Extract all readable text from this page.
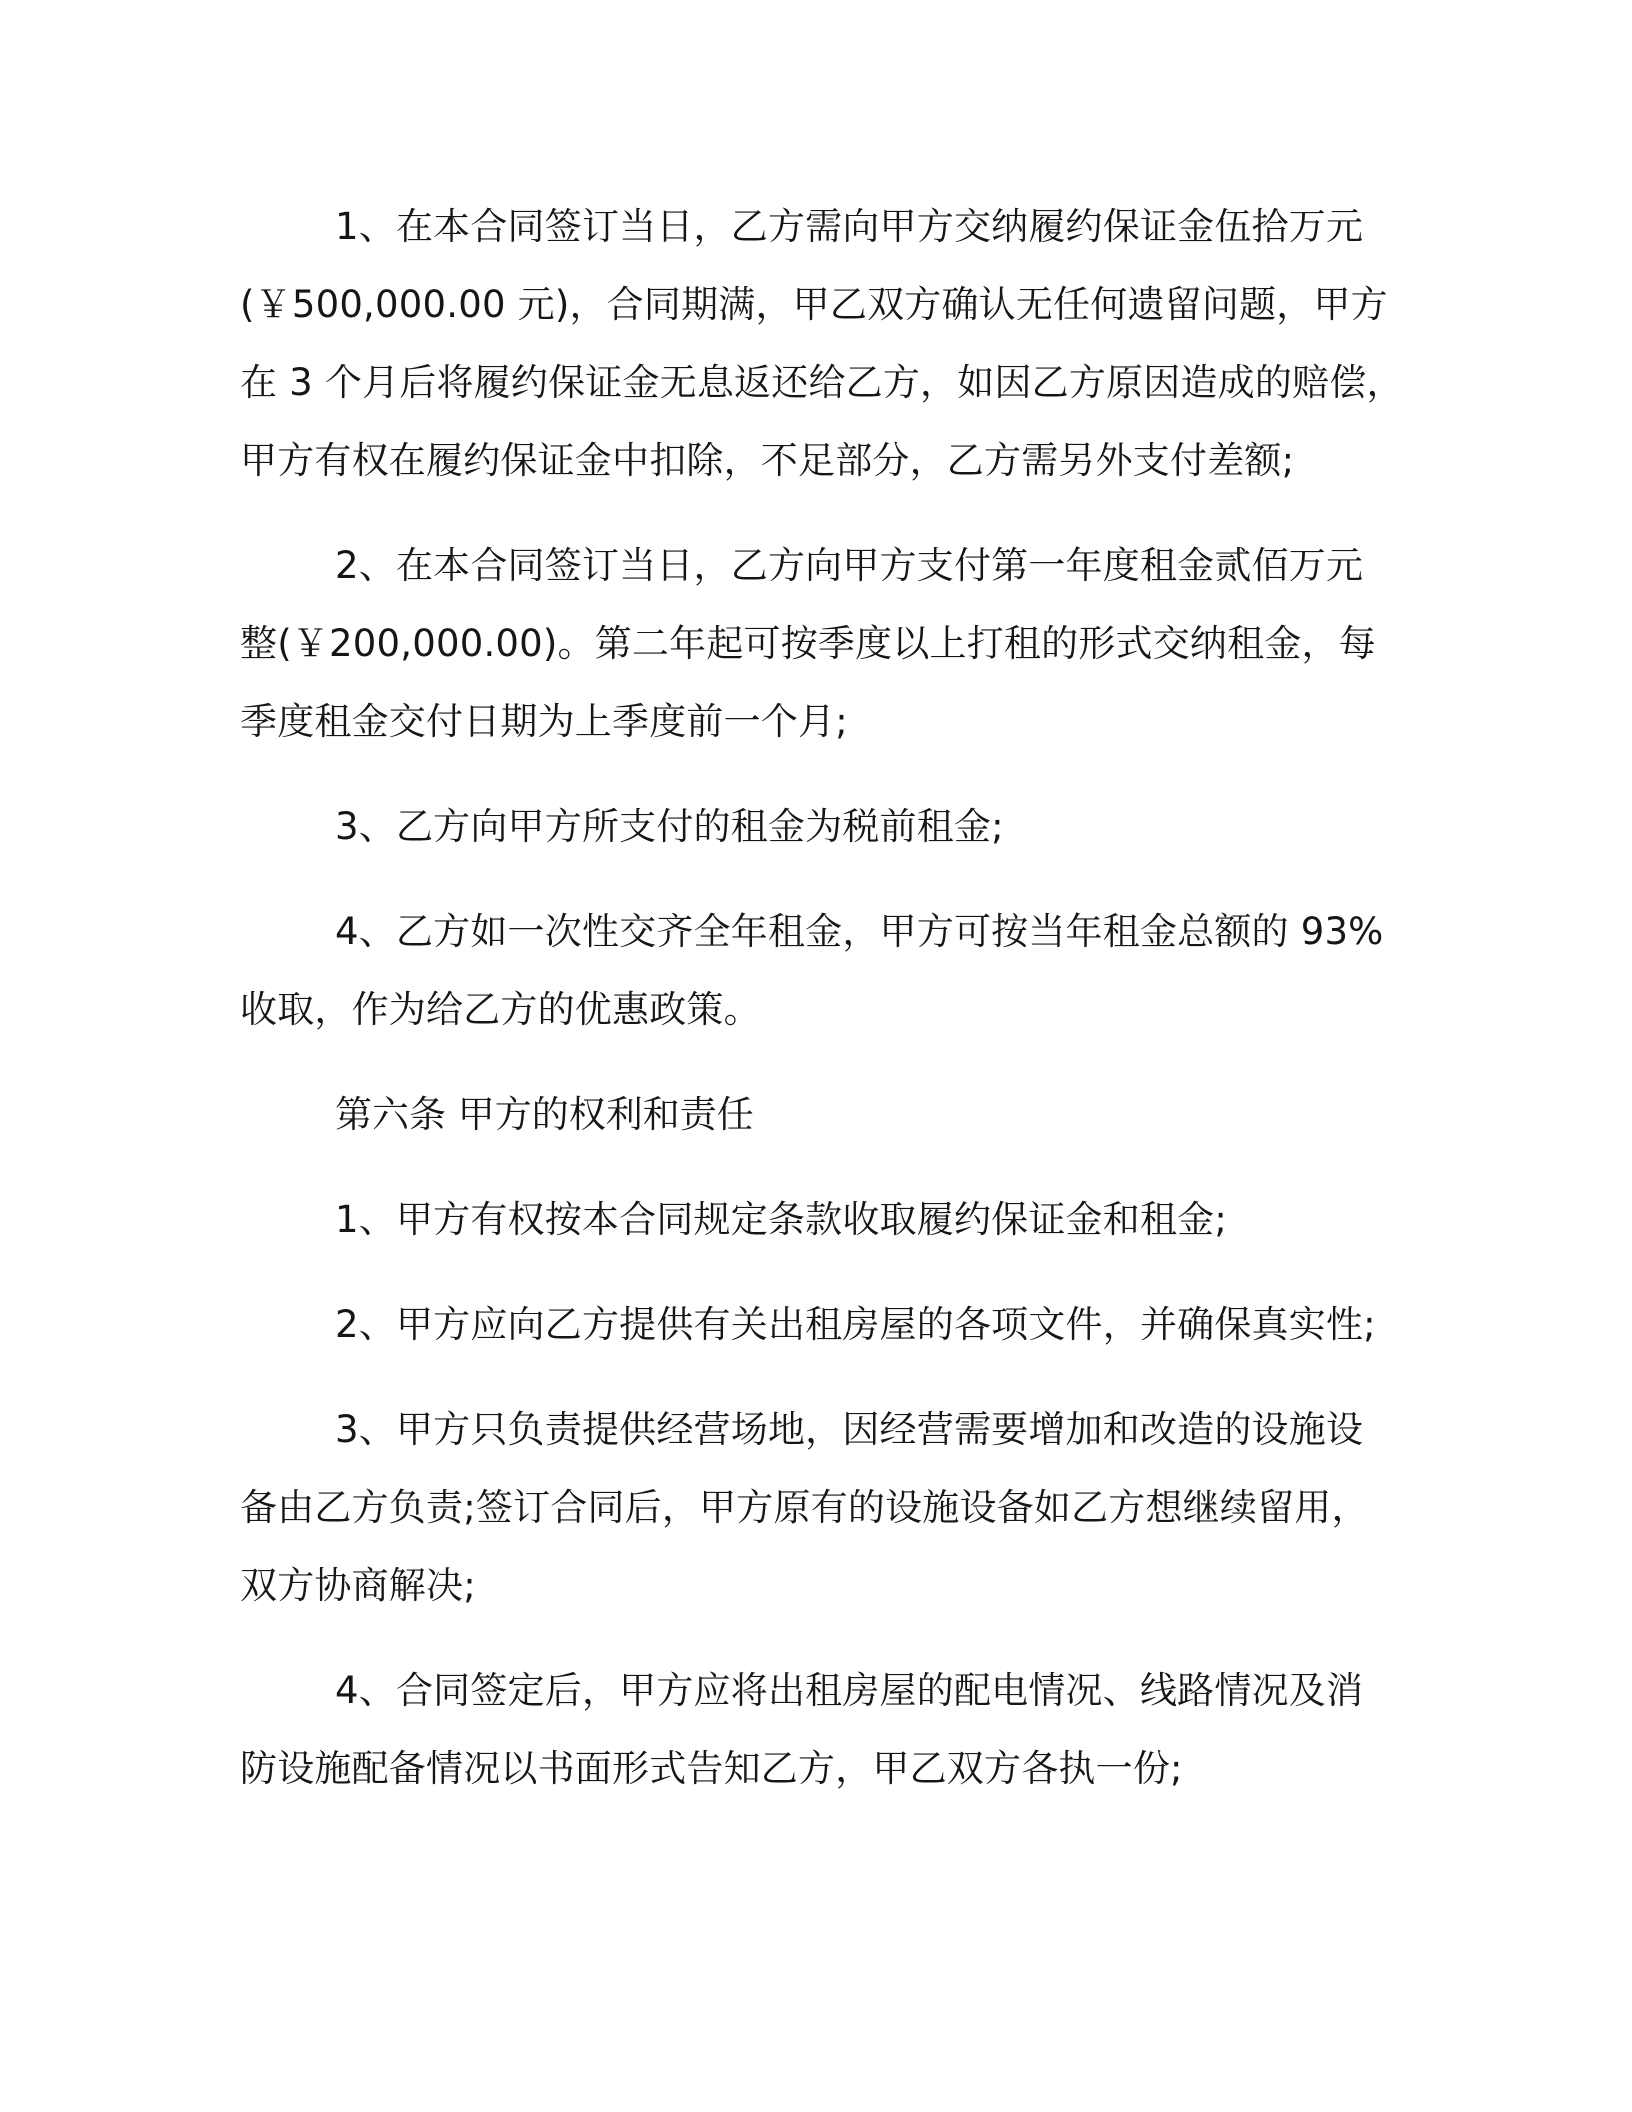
1、在本合同签订当日，乙方需向甲方交纳履约保证金伍拾万元
(￥500,000.00 元)，合同期满，甲乙双方确认无任何遗留问题，甲方
在 3 个月后将履约保证金无息返还给乙方，如因乙方原因造成的赔偿，
甲方有权在履约保证金中扣除，不足部分，乙方需另外支付差额;

2、在本合同签订当日，乙方向甲方支付第一年度租金贰佰万元
整(￥200,000.00)。第二年起可按季度以上打租的形式交纳租金，每
季度租金交付日期为上季度前一个月;

3、乙方向甲方所支付的租金为税前租金;

4、乙方如一次性交齐全年租金，甲方可按当年租金总额的 93%
收取，作为给乙方的优惠政策。

第六条 甲方的权利和责任

1、甲方有权按本合同规定条款收取履约保证金和租金;

2、甲方应向乙方提供有关出租房屋的各项文件，并确保真实性;

3、甲方只负责提供经营场地，因经营需要增加和改造的设施设
备由乙方负责;签订合同后，甲方原有的设施设备如乙方想继续留用，
双方协商解决;

4、合同签定后，甲方应将出租房屋的配电情况、线路情况及消
防设施配备情况以书面形式告知乙方，甲乙双方各执一份;
